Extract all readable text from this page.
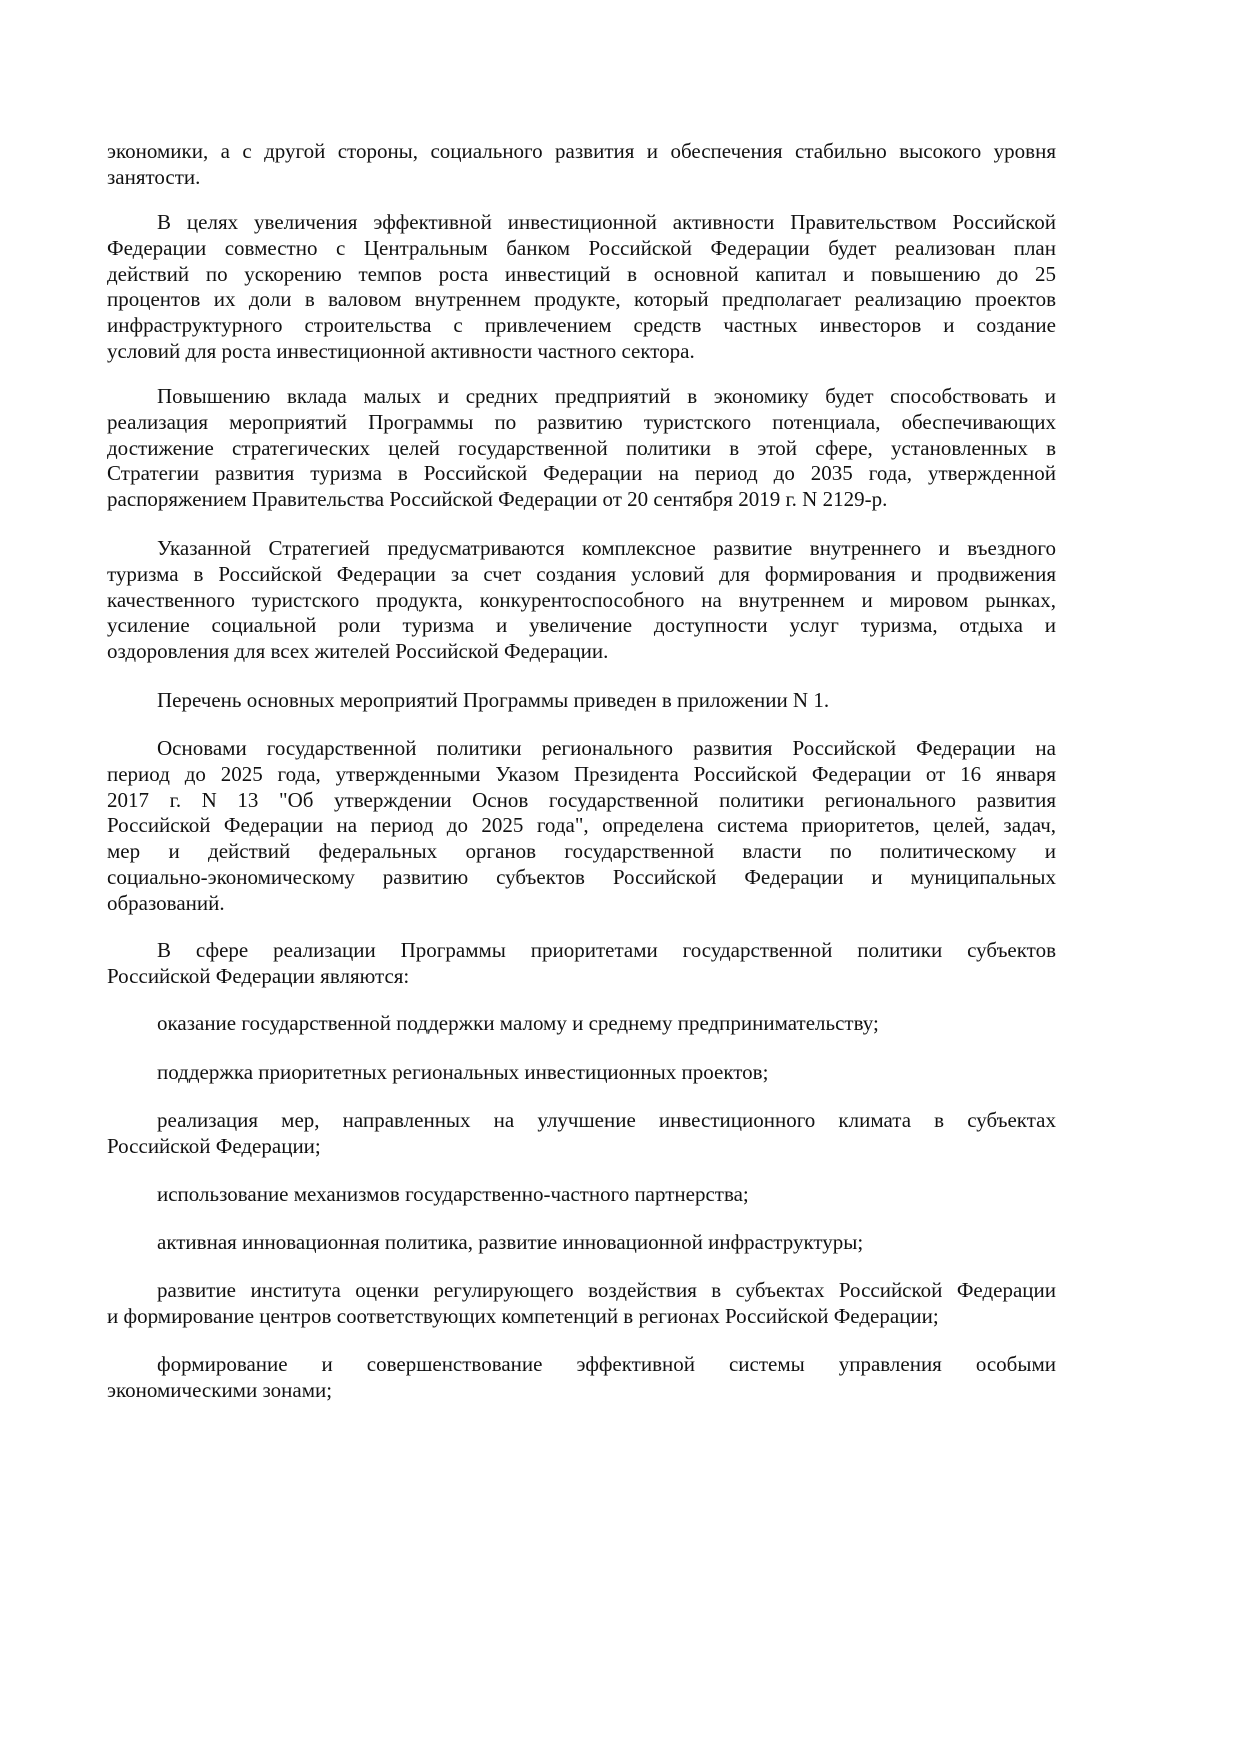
экономики, а с другой стороны, социального развития и обеспечения стабильно высокого уровня
занятости.
В целях увеличения эффективной инвестиционной активности Правительством Российской
Федерации совместно с Центральным банком Российской Федерации будет реализован план
действий по ускорению темпов роста инвестиций в основной капитал и повышению до 25
процентов их доли в валовом внутреннем продукте, который предполагает реализацию проектов
инфраструктурного строительства с привлечением средств частных инвесторов и создание
условий для роста инвестиционной активности частного сектора.
Повышению вклада малых и средних предприятий в экономику будет способствовать и
реализация мероприятий Программы по развитию туристского потенциала, обеспечивающих
достижение стратегических целей государственной политики в этой сфере, установленных в
Стратегии развития туризма в Российской Федерации на период до 2035 года, утвержденной
распоряжением Правительства Российской Федерации от 20 сентября 2019 г. N 2129-р.
Указанной Стратегией предусматриваются комплексное развитие внутреннего и въездного
туризма в Российской Федерации за счет создания условий для формирования и продвижения
качественного туристского продукта, конкурентоспособного на внутреннем и мировом рынках,
усиление социальной роли туризма и увеличение доступности услуг туризма, отдыха и
оздоровления для всех жителей Российской Федерации.
Перечень основных мероприятий Программы приведен в приложении N 1.
Основами государственной политики регионального развития Российской Федерации на
период до 2025 года, утвержденными Указом Президента Российской Федерации от 16 января
2017 г. N 13 "Об утверждении Основ государственной политики регионального развития
Российской Федерации на период до 2025 года", определена система приоритетов, целей, задач,
мер и действий федеральных органов государственной власти по политическому и
социально-экономическому развитию субъектов Российской Федерации и муниципальных
образований.
В сфере реализации Программы приоритетами государственной политики субъектов
Российской Федерации являются:
оказание государственной поддержки малому и среднему предпринимательству;
поддержка приоритетных региональных инвестиционных проектов;
реализация мер, направленных на улучшение инвестиционного климата в субъектах
Российской Федерации;
использование механизмов государственно-частного партнерства;
активная инновационная политика, развитие инновационной инфраструктуры;
развитие института оценки регулирующего воздействия в субъектах Российской Федерации
и формирование центров соответствующих компетенций в регионах Российской Федерации;
формирование и совершенствование эффективной системы управления особыми
экономическими зонами;
